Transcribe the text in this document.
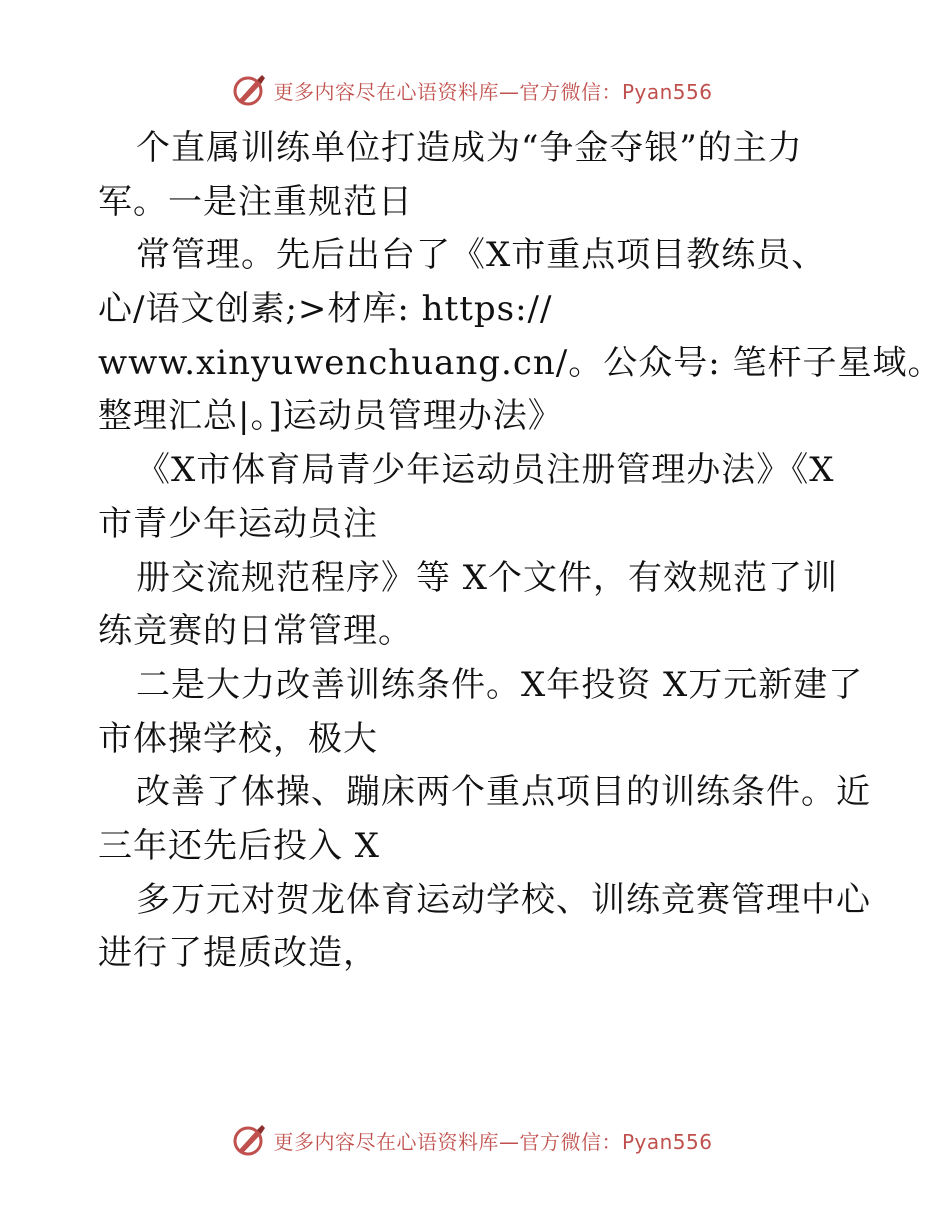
更多内容尽在心语资料库—官方微信：Pyan556
个直属训练单位打造成为“争金夺银”的主力
军。一是注重规范日
常管理。先后出台了《X市重点项目教练员、
心/语文创素;>材库: https://
www.xinyuwenchuang.cn/。公众号: 笔杆子星域。
整理汇总|。]运动员管理办法》
《X市体育局青少年运动员注册管理办法》《X
市青少年运动员注
册交流规范程序》等 X个文件，有效规范了训
练竞赛的日常管理。
二是大力改善训练条件。X年投资 X万元新建了
市体操学校，极大
改善了体操、蹦床两个重点项目的训练条件。近
三年还先后投入 X
多万元对贺龙体育运动学校、训练竞赛管理中心
进行了提质改造，
更多内容尽在心语资料库—官方微信：Pyan556
